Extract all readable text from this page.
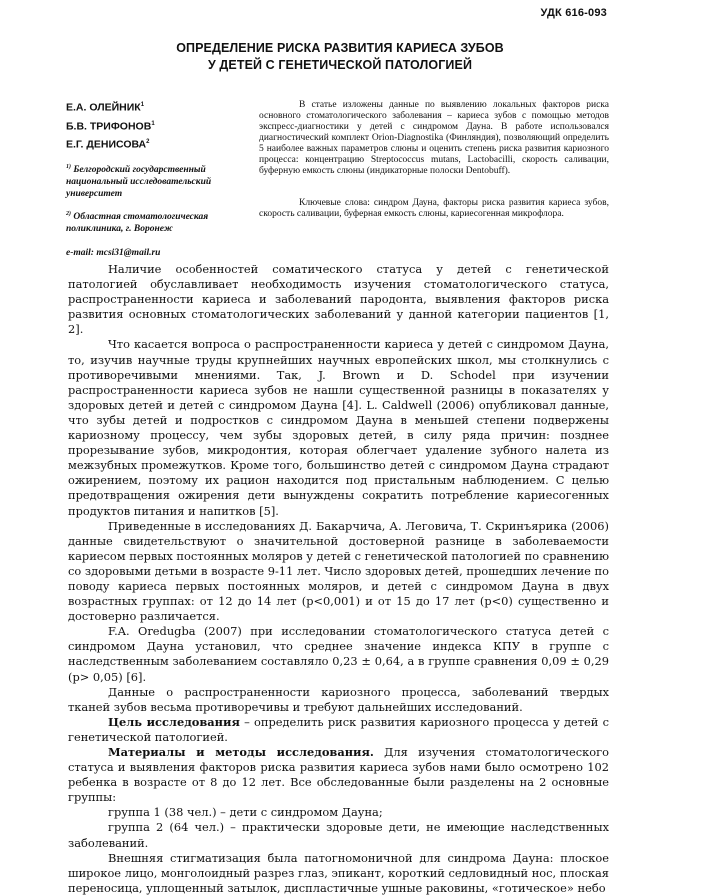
УДК 616-093
ОПРЕДЕЛЕНИЕ РИСКА РАЗВИТИЯ КАРИЕСА ЗУБОВ
У ДЕТЕЙ С ГЕНЕТИЧЕСКОЙ ПАТОЛОГИЕЙ
Е.А. ОЛЕЙНИК$^1$
Б.В. ТРИФОНОВ$^1$
Е.Г. ДЕНИСОВА$^2$
$^{1)}$ Белгородский государственный национальный исследовательский университет
$^{2)}$ Областная стоматологическая поликлиника, г. Воронеж
e-mail: mcsi31@mail.ru
В статье изложены данные по выявлению локальных факторов риска основного стоматологического заболевания – кариеса зубов с помощью методов экспресс-диагностики у детей с синдромом Дауна. В работе использовался диагностический комплект Orion-Diagnostika (Финляндия), позволяющий определить 5 наиболее важных параметров слюны и оценить степень риска развития кариозного процесса: концентрацию Streptococcus mutans, Lactobacilli, скорость саливации, буферную емкость слюны (индикаторные полоски Dentobuff).
Ключевые слова: синдром Дауна, факторы риска развития кариеса зубов, скорость саливации, буферная емкость слюны, кариесогенная микрофлора.

Наличие особенностей соматического статуса у детей с генетической патологией обуславливает необходимость изучения стоматологического статуса, распространенности кариеса и заболеваний пародонта, выявления факторов риска развития основных стоматологических заболеваний у данной категории пациентов [1, 2].

Что касается вопроса о распространенности кариеса у детей с синдромом Дауна, то, изучив научные труды крупнейших научных европейских школ, мы столкнулись с противоречивыми мнениями. Так, J. Brown и D. Schodel при изучении распространенности кариеса зубов не нашли существенной разницы в показателях у здоровых детей и детей с синдромом Дауна [4]. L. Caldwell (2006) опубликовал данные, что зубы детей и подростков с синдромом Дауна в меньшей степени подвержены кариозному процессу, чем зубы здоровых детей, в силу ряда причин: позднее прорезывание зубов, микродонтия, которая облегчает удаление зубного налета из межзубных промежутков. Кроме того, большинство детей с синдромом Дауна страдают ожирением, поэтому их рацион находится под пристальным наблюдением. С целью предотвращения ожирения дети вынуждены сократить потребление кариесогенных продуктов питания и напитков [5].

Приведенные в исследованиях Д. Бакарчича, А. Леговича, Т. Скринъярика (2006) данные свидетельствуют о значительной достоверной разнице в заболеваемости кариесом первых постоянных моляров у детей с генетической патологией по сравнению со здоровыми детьми в возрасте 9-11 лет. Число здоровых детей, прошедших лечение по поводу кариеса первых постоянных моляров, и детей с синдромом Дауна в двух возрастных группах: от 12 до 14 лет (p<0,001) и от 15 до 17 лет (p<0) существенно и достоверно различается.

F.A. Oredugba (2007) при исследовании стоматологического статуса детей с синдромом Дауна установил, что среднее значение индекса КПУ в группе с наследственным заболеванием составляло 0,23 ± 0,64, а в группе сравнения 0,09 ± 0,29 (p> 0,05) [6].

Данные о распространенности кариозного процесса, заболеваний твердых тканей зубов весьма противоречивы и требуют дальнейших исследований.

Цель исследования – определить риск развития кариозного процесса у детей с генетической патологией.

Материалы и методы исследования. Для изучения стоматологического статуса и выявления факторов риска развития кариеса зубов нами было осмотрено 102 ребенка в возрасте от 8 до 12 лет. Все обследованные были разделены на 2 основные группы:

группа 1 (38 чел.) – дети с синдромом Дауна;

группа 2 (64 чел.) – практически здоровые дети, не имеющие наследственных заболеваний.

Внешняя стигматизация была патогномоничной для синдрома Дауна: плоское широкое лицо, монголоидный разрез глаз, эпикант, короткий седловидный нос, плоская переносица, уплощенный затылок, диспластичные ушные раковины, «готическое» небо
